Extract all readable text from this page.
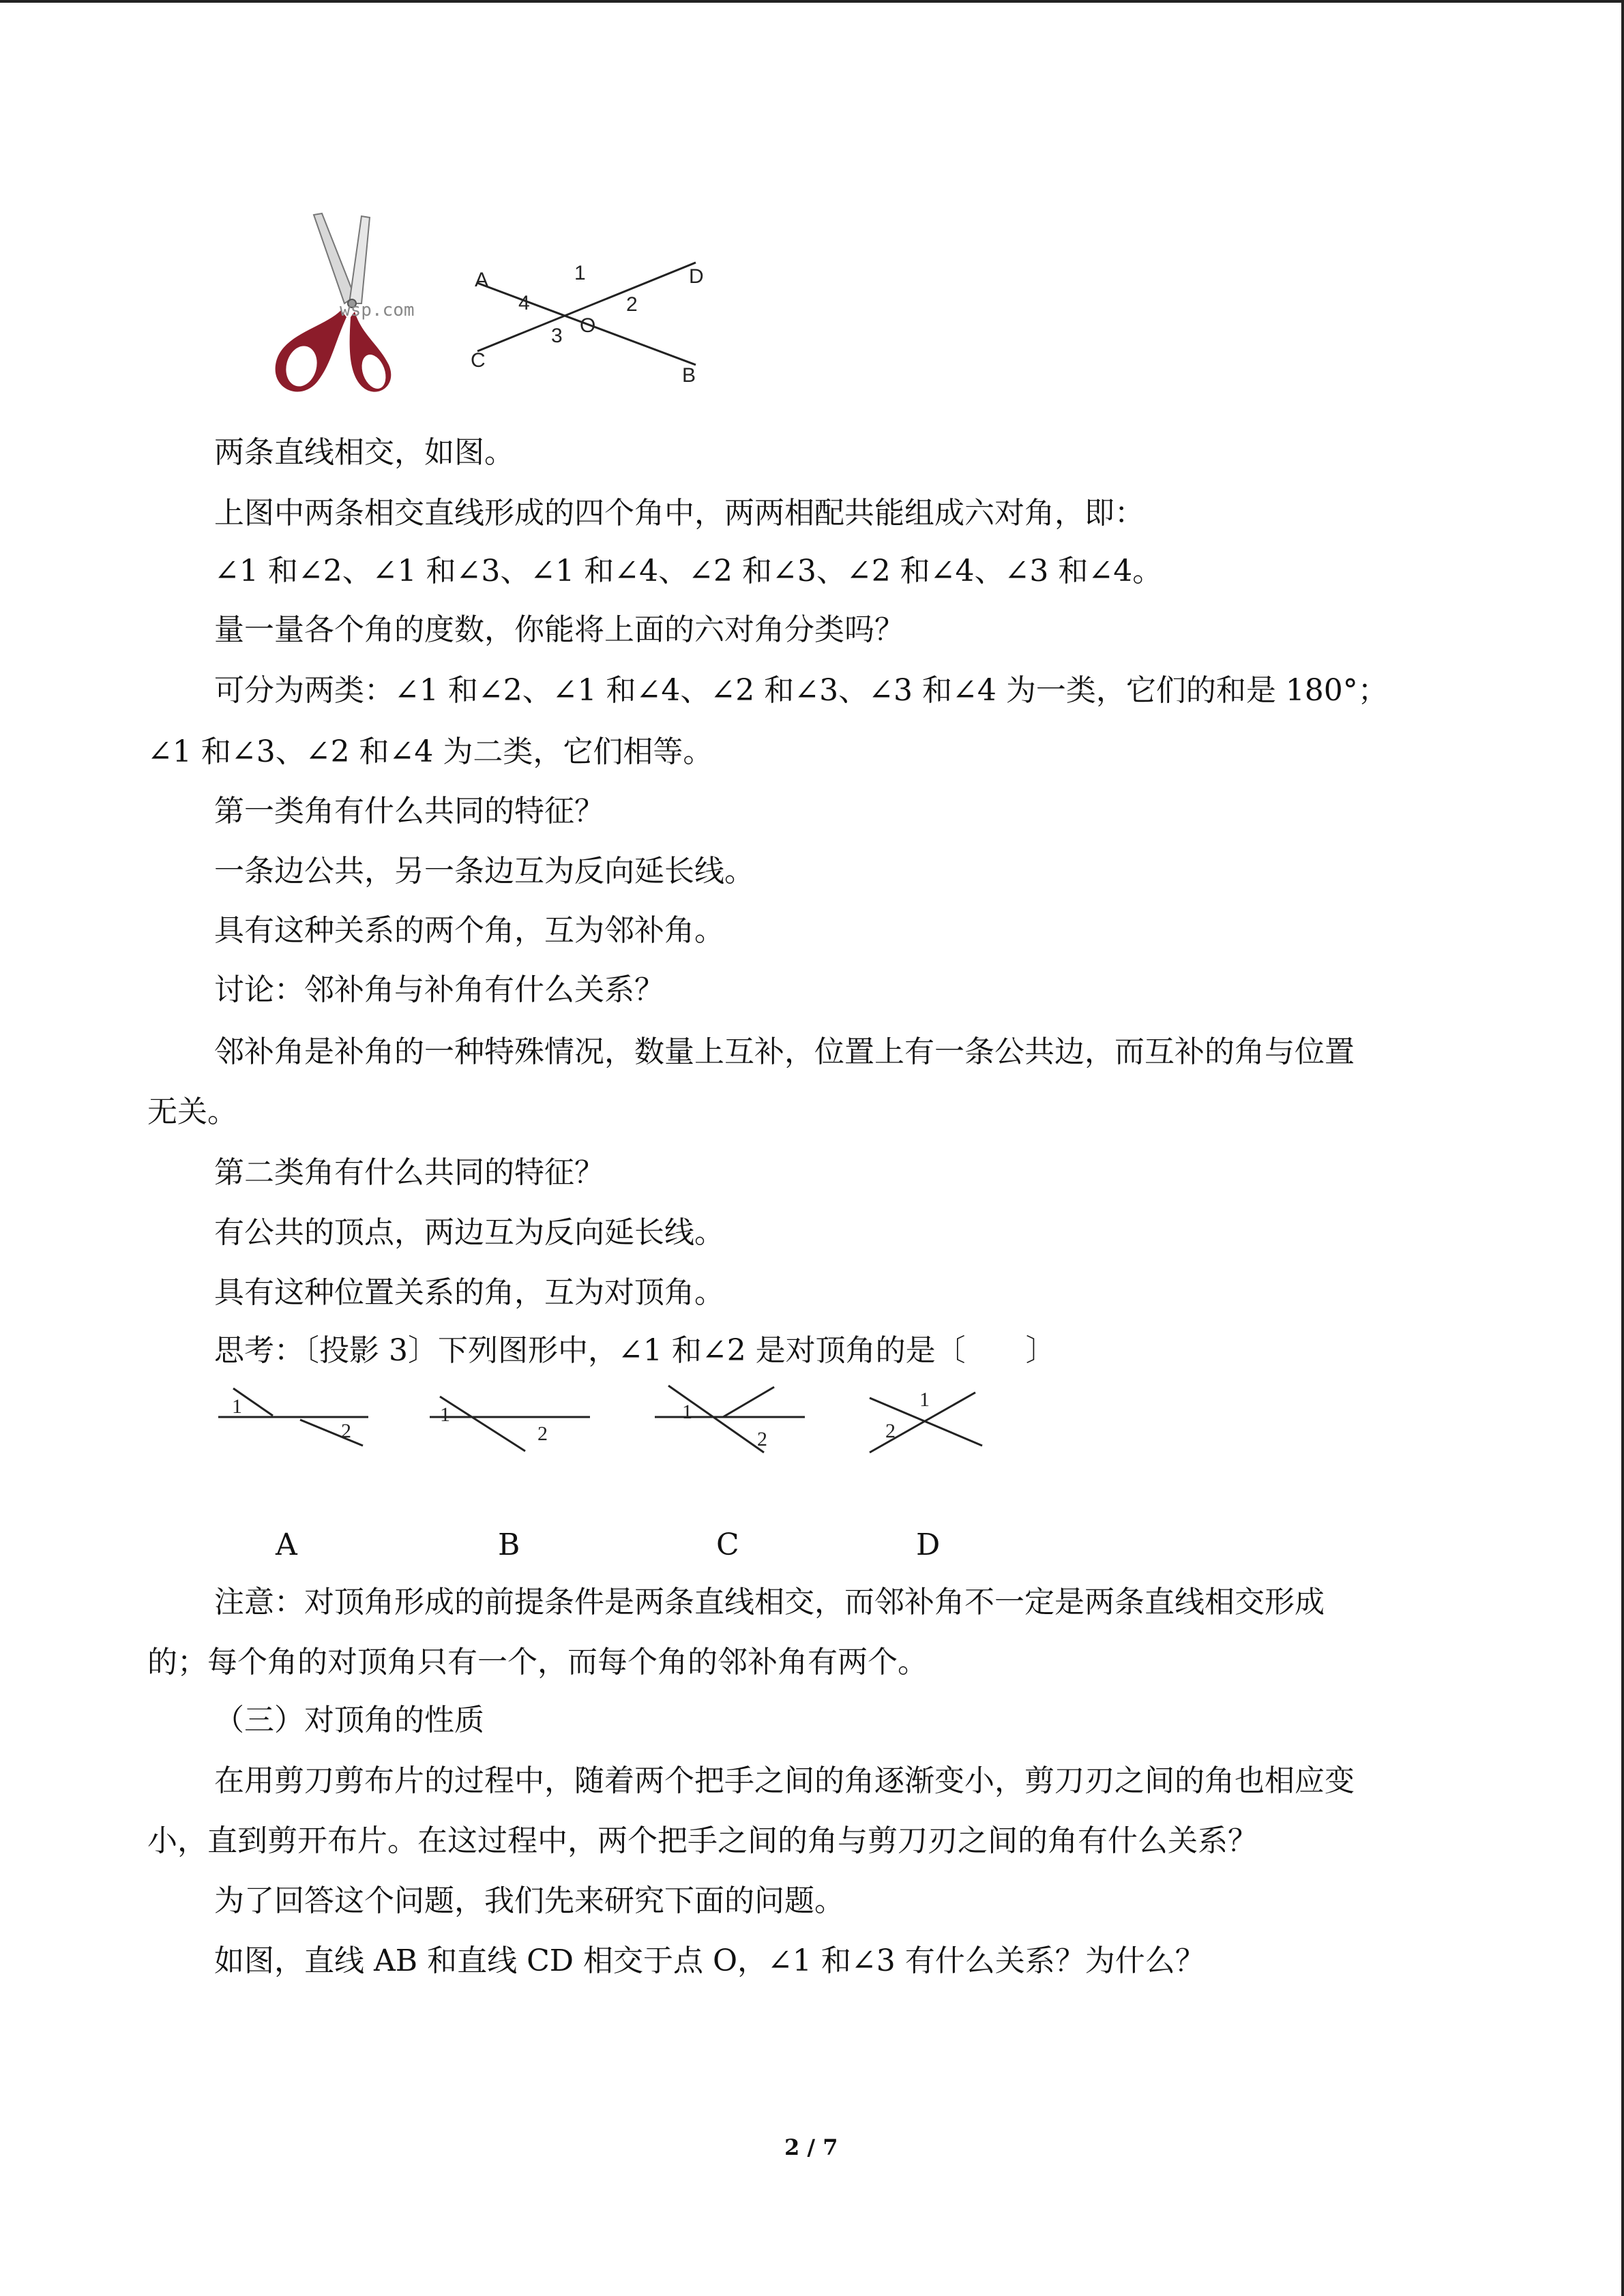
wsp.com
A	D
C
B
O
1
2
3
4
两条直线相交，如图。
上图中两条相交直线形成的四个角中，两两相配共能组成六对角，即：
∠1 和∠2、∠1 和∠3、∠1 和∠4、∠2 和∠3、∠2 和∠4、∠3 和∠4。
量一量各个角的度数，你能将上面的六对角分类吗？
可分为两类：∠1 和∠2、∠1 和∠4、∠2 和∠3、∠3 和∠4 为一类，它们的和是 180°；
∠1 和∠3、∠2 和∠4 为二类，它们相等。
第一类角有什么共同的特征？
一条边公共，另一条边互为反向延长线。
具有这种关系的两个角，互为邻补角。
讨论：邻补角与补角有什么关系？
邻补角是补角的一种特殊情况，数量上互补，位置上有一条公共边，而互补的角与位置
无关。
第二类角有什么共同的特征？
有公共的顶点，两边互为反向延长线。
具有这种位置关系的角，互为对顶角。
思考：〔投影 3〕下列图形中，∠1 和∠2 是对顶角的是〔　　〕
1
2
1
2
1
2
1
2
A	B	C	D
注意：对顶角形成的前提条件是两条直线相交，而邻补角不一定是两条直线相交形成
的；每个角的对顶角只有一个，而每个角的邻补角有两个。
（三）对顶角的性质
在用剪刀剪布片的过程中，随着两个把手之间的角逐渐变小，剪刀刃之间的角也相应变
小，直到剪开布片。在这过程中，两个把手之间的角与剪刀刃之间的角有什么关系？
为了回答这个问题，我们先来研究下面的问题。
如图，直线 AB 和直线 CD 相交于点 O，∠1 和∠3 有什么关系？为什么？
2 / 7
